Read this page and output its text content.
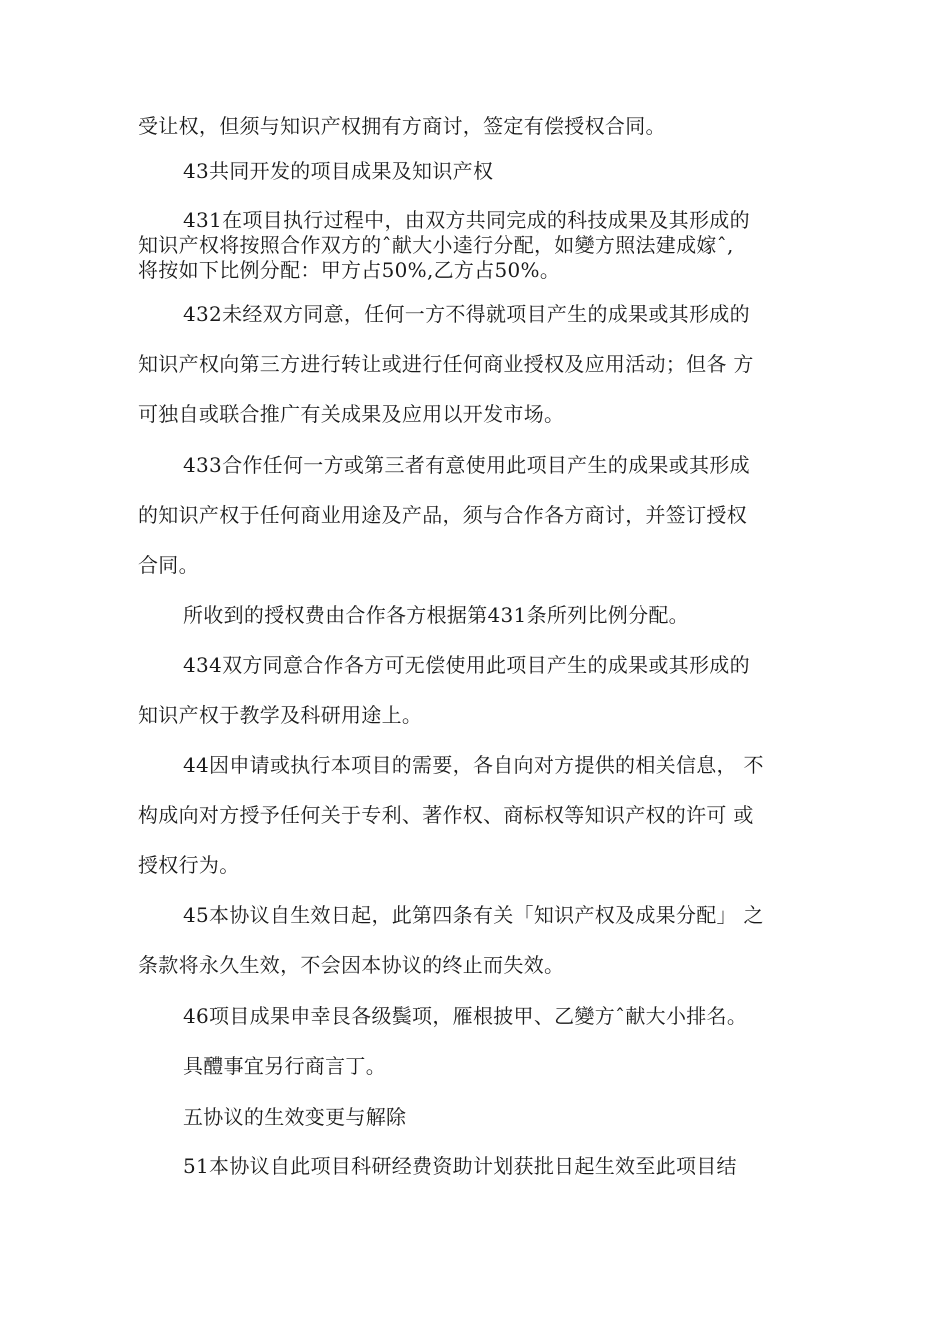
受让权，但须与知识产权拥有方商讨，签定有偿授权合同。
43共同开发的项目成果及知识产权
431在项目执行过程中，由双方共同完成的科技成果及其形成的
知识产权将按照合作双方的ˆ献大小逵行分配，如變方照法建成嫁ˆ,
将按如下比例分配：甲方占50%,乙方占50%。
432未经双方同意，任何一方不得就项目产生的成果或其形成的
知识产权向第三方进行转让或进行任何商业授权及应用活动；但各 方
可独自或联合推广有关成果及应用以开发市场。
433合作任何一方或第三者有意使用此项目产生的成果或其形成
的知识产权于任何商业用途及产品，须与合作各方商讨，并签订授权
合同。
所收到的授权费由合作各方根据第431条所列比例分配。
434双方同意合作各方可无偿使用此项目产生的成果或其形成的
知识产权于教学及科研用途上。
44因申请或执行本项目的需要，各自向对方提供的相关信息， 不
构成向对方授予任何关于专利、著作权、商标权等知识产权的许可 或
授权行为。
45本协议自生效日起，此第四条有关「知识产权及成果分配」 之
条款将永久生效，不会因本协议的终止而失效。
46项目成果申幸艮各级鬓项，雁根披甲、乙變方ˆ献大小排名。
具醴事宜另行商言丁。
五协议的生效变更与解除
51本协议自此项目科研经费资助计划获批日起生效至此项目结
